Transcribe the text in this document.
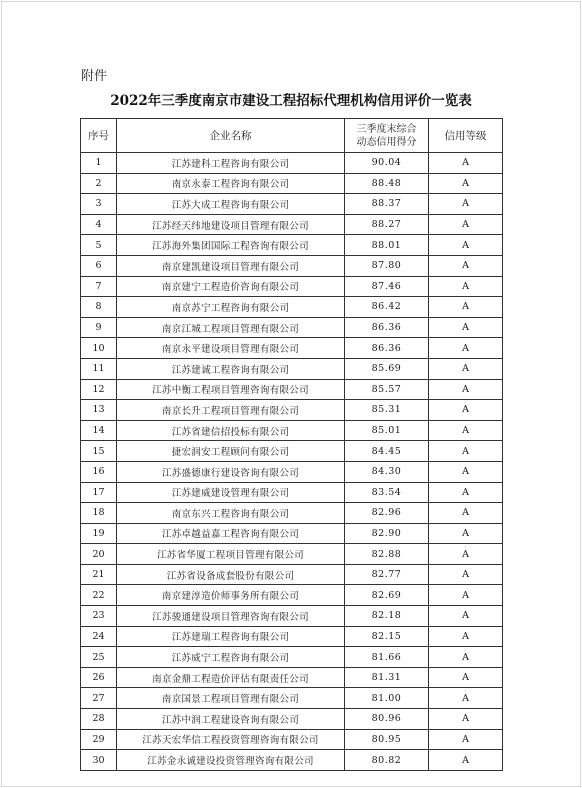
附件
2022年三季度南京市建设工程招标代理机构信用评价一览表
序号	企业名称	三季度末综合
动态信用得分	信用等级
1	江苏建科工程咨询有限公司	90.04	A
2	南京永泰工程咨询有限公司	88.48	A
3	江苏大成工程咨询有限公司	88.37	A
4	江苏经天纬地建设项目管理有限公司	88.27	A
5	江苏海外集团国际工程咨询有限公司	88.01	A
6	南京建凯建设项目管理有限公司	87.80	A
7	南京建宁工程造价咨询有限公司	87.46	A
8	南京苏宁工程咨询有限公司	86.42	A
9	南京江城工程项目管理有限公司	86.36	A
10	南京永平建设项目管理有限公司	86.36	A
11	江苏建诚工程咨询有限公司	85.69	A
12	江苏中衡工程项目管理咨询有限公司	85.57	A
13	南京长升工程项目管理有限公司	85.31	A
14	江苏省建信招投标有限公司	85.01	A
15	捷宏润安工程顾问有限公司	84.45	A
16	江苏盛德康行建设咨询有限公司	84.30	A
17	江苏建威建设管理有限公司	83.54	A
18	南京东兴工程咨询有限公司	82.96	A
19	江苏卓越益嘉工程咨询有限公司	82.90	A
20	江苏省华厦工程项目管理有限公司	82.88	A
21	江苏省设备成套股份有限公司	82.77	A
22	南京建淳造价师事务所有限公司	82.69	A
23	江苏骏通建设项目管理咨询有限公司	82.18	A
24	江苏建瑞工程咨询有限公司	82.15	A
25	江苏威宁工程咨询有限公司	81.66	A
26	南京金鼎工程造价评估有限责任公司	81.31	A
27	南京国景工程项目管理有限公司	81.00	A
28	江苏中润工程建设咨询有限公司	80.96	A
29	江苏天宏华信工程投资管理咨询有限公司	80.95	A
30	江苏金永诚建设投资管理咨询有限公司	80.82	A
